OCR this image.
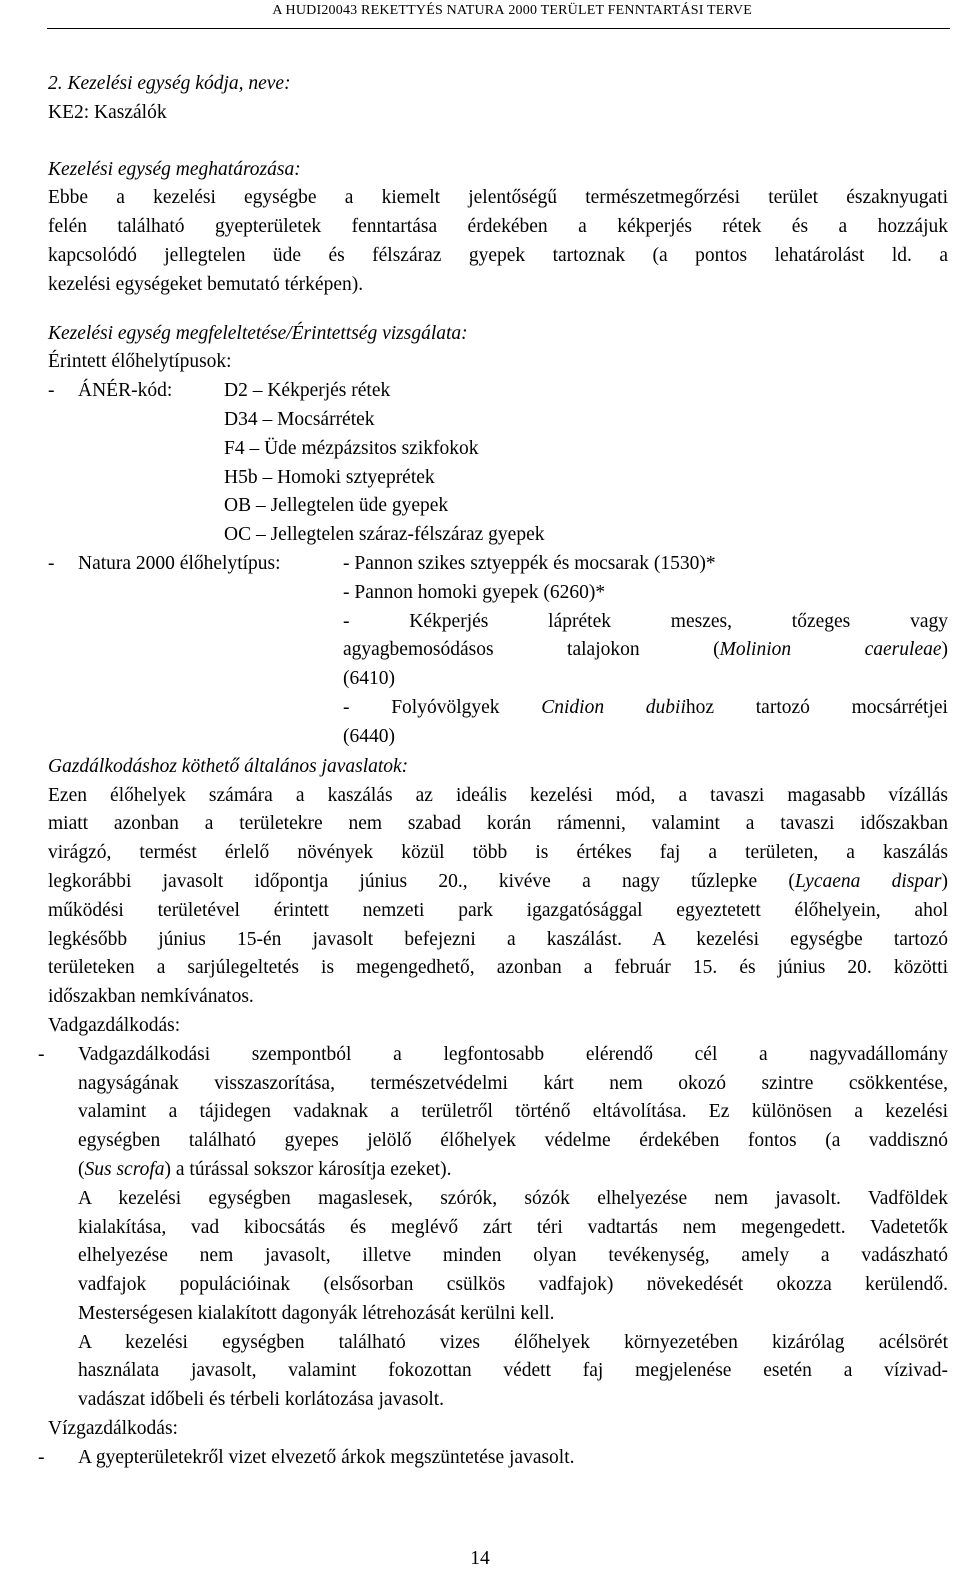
A HUDI20043 REKETTYÉS NATURA 2000 TERÜLET FENNTARTÁSI TERVE
2. Kezelési egység kódja, neve:
KE2: Kaszálók
Kezelési egység meghatározása:
Ebbe a kezelési egységbe a kiemelt jelentőségű természetmegőrzési terület északnyugati
felén található gyepterületek fenntartása érdekében a kékperjés rétek és a hozzájuk
kapcsolódó jellegtelen üde és félszáraz gyepek tartoznak (a pontos lehatárolást ld. a
kezelési egységeket bemutató térképen).
Kezelési egység megfeleltetése/Érintettség vizsgálata:
Érintett élőhelytípusok:
- ÁNÉR-kód:	D2 – Kékperjés rétek
D34 – Mocsárrétek
F4 – Üde mézpázsitos szikfokok
H5b – Homoki sztyeprétek
OB – Jellegtelen üde gyepek
OC – Jellegtelen száraz-félszáraz gyepek
- Natura 2000 élőhelytípus:	- Pannon szikes sztyeppék és mocsarak (1530)*
- Pannon homoki gyepek (6260)*
- Kékperjés láprétek meszes, tőzeges vagy
agyagbemosódásos talajokon (Molinion caeruleae)
(6410)
- Folyóvölgyek Cnidion dubiihoz tartozó mocsárrétjei
(6440)
Gazdálkodáshoz köthető általános javaslatok:
Ezen élőhelyek számára a kaszálás az ideális kezelési mód, a tavaszi magasabb vízállás
miatt azonban a területekre nem szabad korán rámenni, valamint a tavaszi időszakban
virágzó, termést érlelő növények közül több is értékes faj a területen, a kaszálás
legkorábbi javasolt időpontja június 20., kivéve a nagy tűzlepke (Lycaena dispar)
működési területével érintett nemzeti park igazgatósággal egyeztetett élőhelyein, ahol
legkésőbb június 15-én javasolt befejezni a kaszálást. A kezelési egységbe tartozó
területeken a sarjúlegeltetés is megengedhető, azonban a február 15. és június 20. közötti
időszakban nemkívánatos.
Vadgazdálkodás:
- Vadgazdálkodási szempontból a legfontosabb elérendő cél a nagyvadállomány
nagyságának visszaszorítása, természetvédelmi kárt nem okozó szintre csökkentése,
valamint a tájidegen vadaknak a területről történő eltávolítása. Ez különösen a kezelési
egységben található gyepes jelölő élőhelyek védelme érdekében fontos (a vaddisznó
(Sus scrofa) a túrással sokszor károsítja ezeket).
A kezelési egységben magaslesek, szórók, sózók elhelyezése nem javasolt. Vadföldek
kialakítása, vad kibocsátás és meglévő zárt téri vadtartás nem megengedett. Vadetetők
elhelyezése nem javasolt, illetve minden olyan tevékenység, amely a vadászható
vadfajok populációinak (elsősorban csülkös vadfajok) növekedését okozza kerülendő.
Mesterségesen kialakított dagonyák létrehozását kerülni kell.
A kezelési egységben található vizes élőhelyek környezetében kizárólag acélsörét
használata javasolt, valamint fokozottan védett faj megjelenése esetén a vízivad-
vadászat időbeli és térbeli korlátozása javasolt.
Vízgazdálkodás:
- A gyepterületekről vizet elvezető árkok megszüntetése javasolt.
14
